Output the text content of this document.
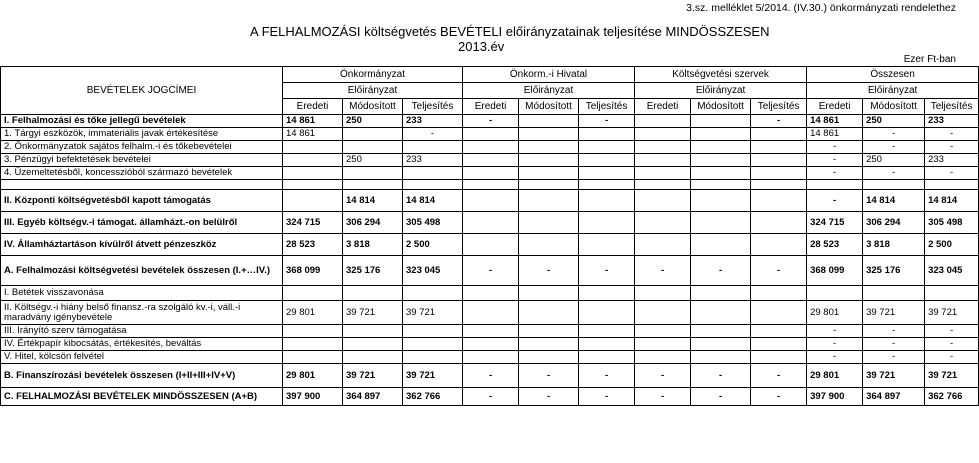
3.sz. melléklet 5/2014. (IV.30.) önkormányzati rendelethez
A FELHALMOZÁSI költségvetés BEVÉTELI előirányzatainak teljesítése MINDÖSSZESEN
2013.év
Ezer Ft-ban
BEVÉTELEK JOGCÍMEI	Önkormányzat			Önkorm.-i Hivatal			Költségvetési szervek			Összesen		
	Előirányzat			Előirányzat			Előirányzat			Előirányzat		
	Eredeti	Módosított	Teljesítés	Eredeti	Módosított	Teljesítés	Eredeti	Módosított	Teljesítés	Eredeti	Módosított	Teljesítés
I. Felhalmozási és tőke jellegű bevételek	14 861	250	233	-		-			-	14 861	250	233
1. Tárgyi eszközök, immateriális javak értékesítése	14 861		-							14 861	-	-
2. Önkormányzatok sajátos felhalm.-i és tőkebevételei										-	-	-
3. Pénzügyi befektetések bevételei		250	233							-	250	233
4. Üzemeltetésből, koncesszióból származó bevételek										-	-	-

II. Központi költségvetésből kapott támogatás		14 814	14 814							-	14 814	14 814
III. Egyéb költségv.-i támogat. államházt.-on belülről	324 715	306 294	305 498							324 715	306 294	305 498
IV. Államháztartáson kívülről átvett pénzeszköz	28 523	3 818	2 500							28 523	3 818	2 500
A. Felhalmozási költségvetési bevételek összesen (I.+…IV.)	368 099	325 176	323 045	-	-	-	-	-	-	368 099	325 176	323 045
I. Betétek visszavonása												
II. Költségv.-i hiány belső finansz.-ra szolgáló kv.-i, váll.-i maradvány igénybevétele	29 801	39 721	39 721							29 801	39 721	39 721
III. Irányító szerv támogatása										-	-	-
IV. Értékpapír kibocsátás, értékesítés, beváltás										-	-	-
V. Hitel, kölcsön felvétel										-	-	-
B. Finanszírozási bevételek összesen (I+II+III+IV+V)	29 801	39 721	39 721	-	-	-	-	-	-	29 801	39 721	39 721
C. FELHALMOZÁSI BEVÉTELEK MINDÖSSZESEN (A+B)	397 900	364 897	362 766	-	-	-	-	-	-	397 900	364 897	362 766
